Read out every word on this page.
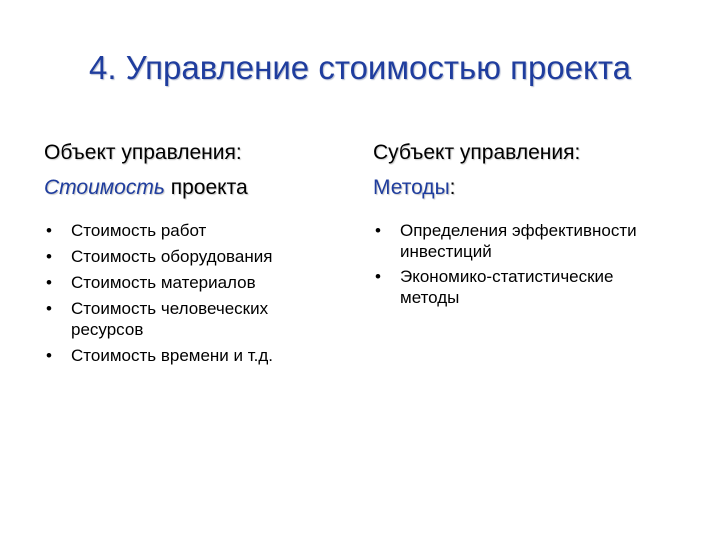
4. Управление стоимостью проекта
Объект управления:
Стоимость проекта
• Стоимость работ
• Стоимость оборудования
• Стоимость материалов
• Стоимость человеческих ресурсов
• Стоимость времени и т.д.
Субъект управления:
Методы:
• Определения эффективности инвестиций
• Экономико-статистические методы
